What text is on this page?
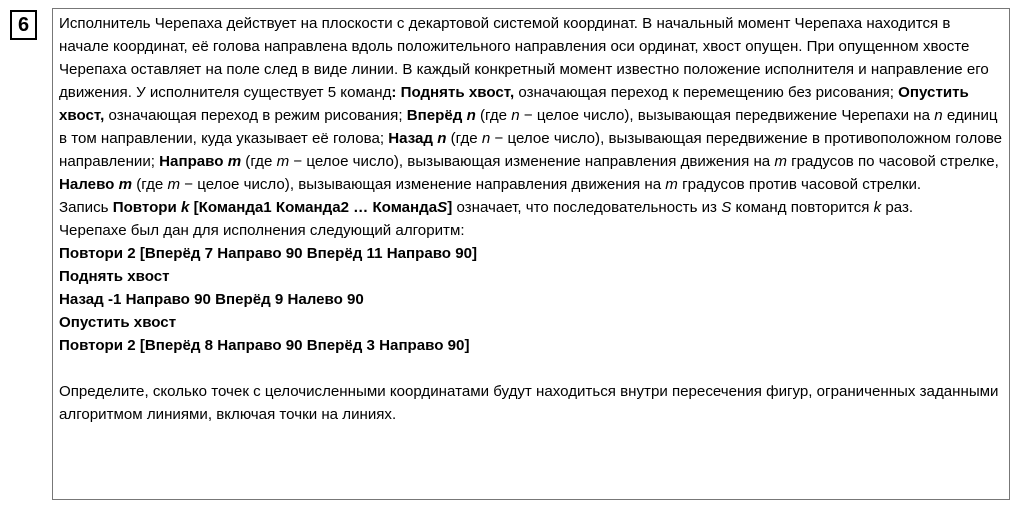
6 Исполнитель Черепаха действует на плоскости с декартовой системой координат. В начальный момент Черепаха находится в начале координат, её голова направлена вдоль положительного направления оси ординат, хвост опущен. При опущенном хвосте Черепаха оставляет на поле след в виде линии. В каждый конкретный момент известно положение исполнителя и направление его движения. У исполнителя существует 5 команд: Поднять хвост, означающая переход к перемещению без рисования; Опустить хвост, означающая переход в режим рисования; Вперёд n (где n − целое число), вызывающая передвижение Черепахи на n единиц в том направлении, куда указывает её голова; Назад n (где n − целое число), вызывающая передвижение в противоположном голове направлении; Направо m (где m − целое число), вызывающая изменение направления движения на m градусов по часовой стрелке, Налево m (где m − целое число), вызывающая изменение направления движения на m градусов против часовой стрелки.

Запись Повтори k [Команда1 Команда2 … КомандаS] означает, что последовательность из S команд повторится k раз.

Черепахе был дан для исполнения следующий алгоритм:

Повтори 2 [Вперёд 7 Направо 90 Вперёд 11 Направо 90]

Поднять хвост

Назад -1 Направо 90 Вперёд 9 Налево 90

Опустить хвост

Повтори 2 [Вперёд 8 Направо 90 Вперёд 3 Направо 90]

Определите, сколько точек с целочисленными координатами будут находиться внутри пересечения фигур, ограниченных заданными алгоритмом линиями, включая точки на линиях.
